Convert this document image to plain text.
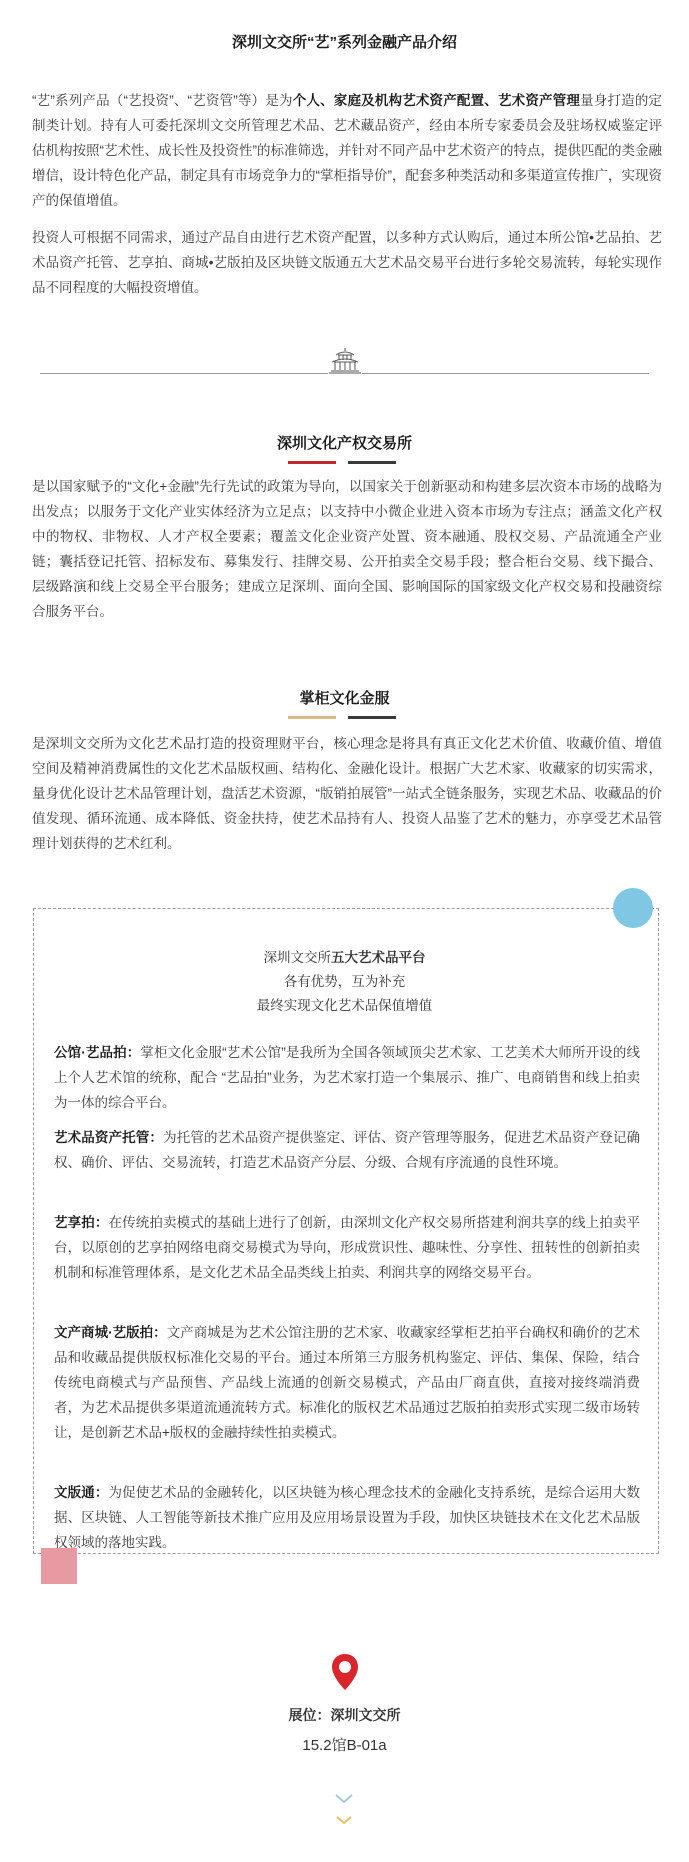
深圳文交所“艺”系列金融产品介绍

“艺”系列产品（“艺投资”、“艺资管”等）是为个人、家庭及机构艺术资产配置、艺术资产管理量身打造的定制类计划。持有人可委托深圳文交所管理艺术品、艺术藏品资产，经由本所专家委员会及驻场权威鉴定评估机构按照“艺术性、成长性及投资性”的标准筛选，并针对不同产品中艺术资产的特点，提供匹配的类金融增信，设计特色化产品，制定具有市场竞争力的“掌柜指导价”，配套多种类活动和多渠道宣传推广，实现资产的保值增值。

投资人可根据不同需求，通过产品自由进行艺术资产配置，以多种方式认购后，通过本所公馆•艺品拍、艺术品资产托管、艺享拍、商城•艺版拍及区块链文版通五大艺术品交易平台进行多轮交易流转，每轮实现作品不同程度的大幅投资增值。

深圳文化产权交易所

是以国家赋予的“文化+金融”先行先试的政策为导向，以国家关于创新驱动和构建多层次资本市场的战略为出发点；以服务于文化产业实体经济为立足点；以支持中小微企业进入资本市场为专注点；涵盖文化产权中的物权、非物权、人才产权全要素；覆盖文化企业资产处置、资本融通、股权交易、产品流通全产业链；囊括登记托管、招标发布、募集发行、挂牌交易、公开拍卖全交易手段；整合柜台交易、线下撮合、层级路演和线上交易全平台服务；建成立足深圳、面向全国、影响国际的国家级文化产权交易和投融资综合服务平台。

掌柜文化金服

是深圳文交所为文化艺术品打造的投资理财平台，核心理念是将具有真正文化艺术价值、收藏价值、增值空间及精神消费属性的文化艺术品版权画、结构化、金融化设计。根据广大艺术家、收藏家的切实需求，量身优化设计艺术品管理计划，盘活艺术资源，“版销拍展管”一站式全链条服务，实现艺术品、收藏品的价值发现、循环流通、成本降低、资金扶持，使艺术品持有人、投资人品鉴了艺术的魅力，亦享受艺术品管理计划获得的艺术红利。

深圳文交所五大艺术品平台
各有优势，互为补充
最终实现文化艺术品保值增值

公馆·艺品拍：掌柜文化金服“艺术公馆”是我所为全国各领域顶尖艺术家、工艺美术大师所开设的线上个人艺术馆的统称，配合 “艺品拍”业务，为艺术家打造一个集展示、推广、电商销售和线上拍卖为一体的综合平台。

艺术品资产托管：为托管的艺术品资产提供鉴定、评估、资产管理等服务，促进艺术品资产登记确权、确价、评估、交易流转，打造艺术品资产分层、分级、合规有序流通的良性环境。

艺享拍：在传统拍卖模式的基础上进行了创新，由深圳文化产权交易所搭建利润共享的线上拍卖平台，以原创的艺享拍网络电商交易模式为导向，形成赏识性、趣味性、分享性、扭转性的创新拍卖机制和标准管理体系，是文化艺术品全品类线上拍卖、利润共享的网络交易平台。

文产商城·艺版拍：文产商城是为艺术公馆注册的艺术家、收藏家经掌柜艺拍平台确权和确价的艺术品和收藏品提供版权标准化交易的平台。通过本所第三方服务机构鉴定、评估、集保、保险，结合传统电商模式与产品预售、产品线上流通的创新交易模式，产品由厂商直供，直接对接终端消费者，为艺术品提供多渠道流通流转方式。标准化的版权艺术品通过艺版拍拍卖形式实现二级市场转让，是创新艺术品+版权的金融持续性拍卖模式。

文版通：为促使艺术品的金融转化，以区块链为核心理念技术的金融化支持系统，是综合运用大数据、区块链、人工智能等新技术推广应用及应用场景设置为手段，加快区块链技术在文化艺术品版权领域的落地实践。

展位：深圳文交所
15.2馆B-01a
